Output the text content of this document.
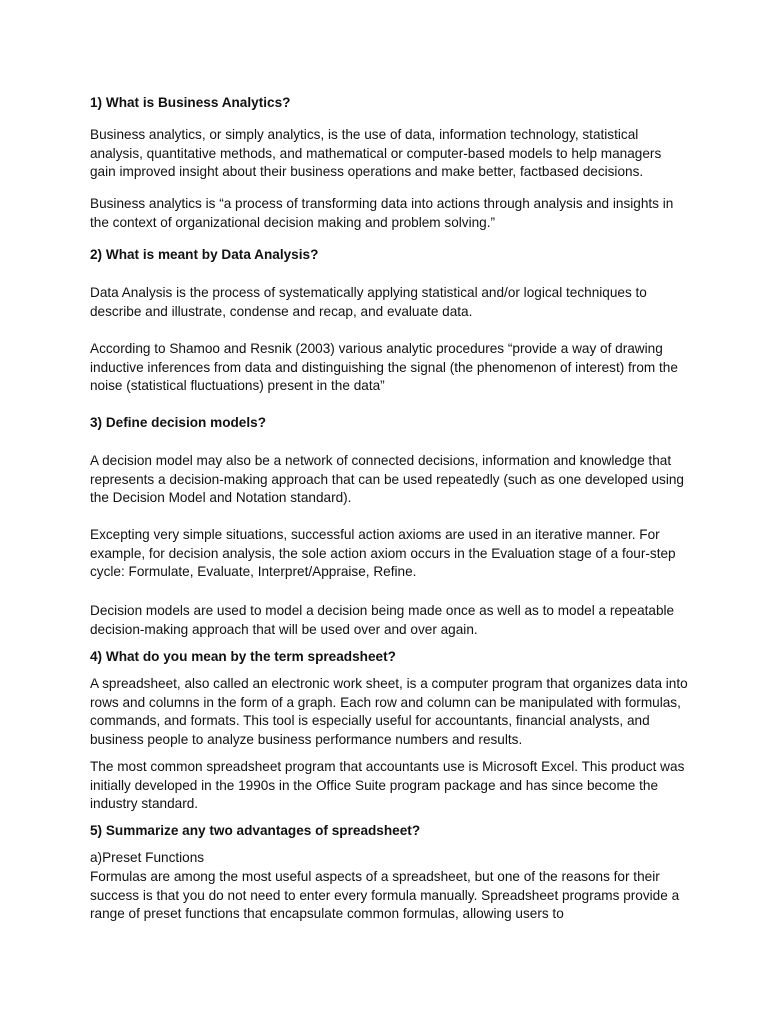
1) What is Business Analytics?

Business analytics, or simply analytics, is the use of data, information technology, statistical analysis, quantitative methods, and mathematical or computer-based models to help managers gain improved insight about their business operations and make better, factbased decisions.

Business analytics is “a process of transforming data into actions through analysis and insights in the context of organizational decision making and problem solving.”

2) What is meant by Data Analysis?

Data Analysis is the process of systematically applying statistical and/or logical techniques to describe and illustrate, condense and recap, and evaluate data.

According to Shamoo and Resnik (2003) various analytic procedures “provide a way of drawing inductive inferences from data and distinguishing the signal (the phenomenon of interest) from the noise (statistical fluctuations) present in the data”

3) Define decision models?

A decision model may also be a network of connected decisions, information and knowledge that represents a decision-making approach that can be used repeatedly (such as one developed using the Decision Model and Notation standard).

Excepting very simple situations, successful action axioms are used in an iterative manner. For example, for decision analysis, the sole action axiom occurs in the Evaluation stage of a four-step cycle: Formulate, Evaluate, Interpret/Appraise, Refine.

Decision models are used to model a decision being made once as well as to model a repeatable decision-making approach that will be used over and over again.

4) What do you mean by the term spreadsheet?

A spreadsheet, also called an electronic work sheet, is a computer program that organizes data into rows and columns in the form of a graph. Each row and column can be manipulated with formulas, commands, and formats. This tool is especially useful for accountants, financial analysts, and business people to analyze business performance numbers and results.

The most common spreadsheet program that accountants use is Microsoft Excel. This product was initially developed in the 1990s in the Office Suite program package and has since become the industry standard.

5) Summarize any two advantages of spreadsheet?

a)Preset Functions

Formulas are among the most useful aspects of a spreadsheet, but one of the reasons for their success is that you do not need to enter every formula manually. Spreadsheet programs provide a range of preset functions that encapsulate common formulas, allowing users to
